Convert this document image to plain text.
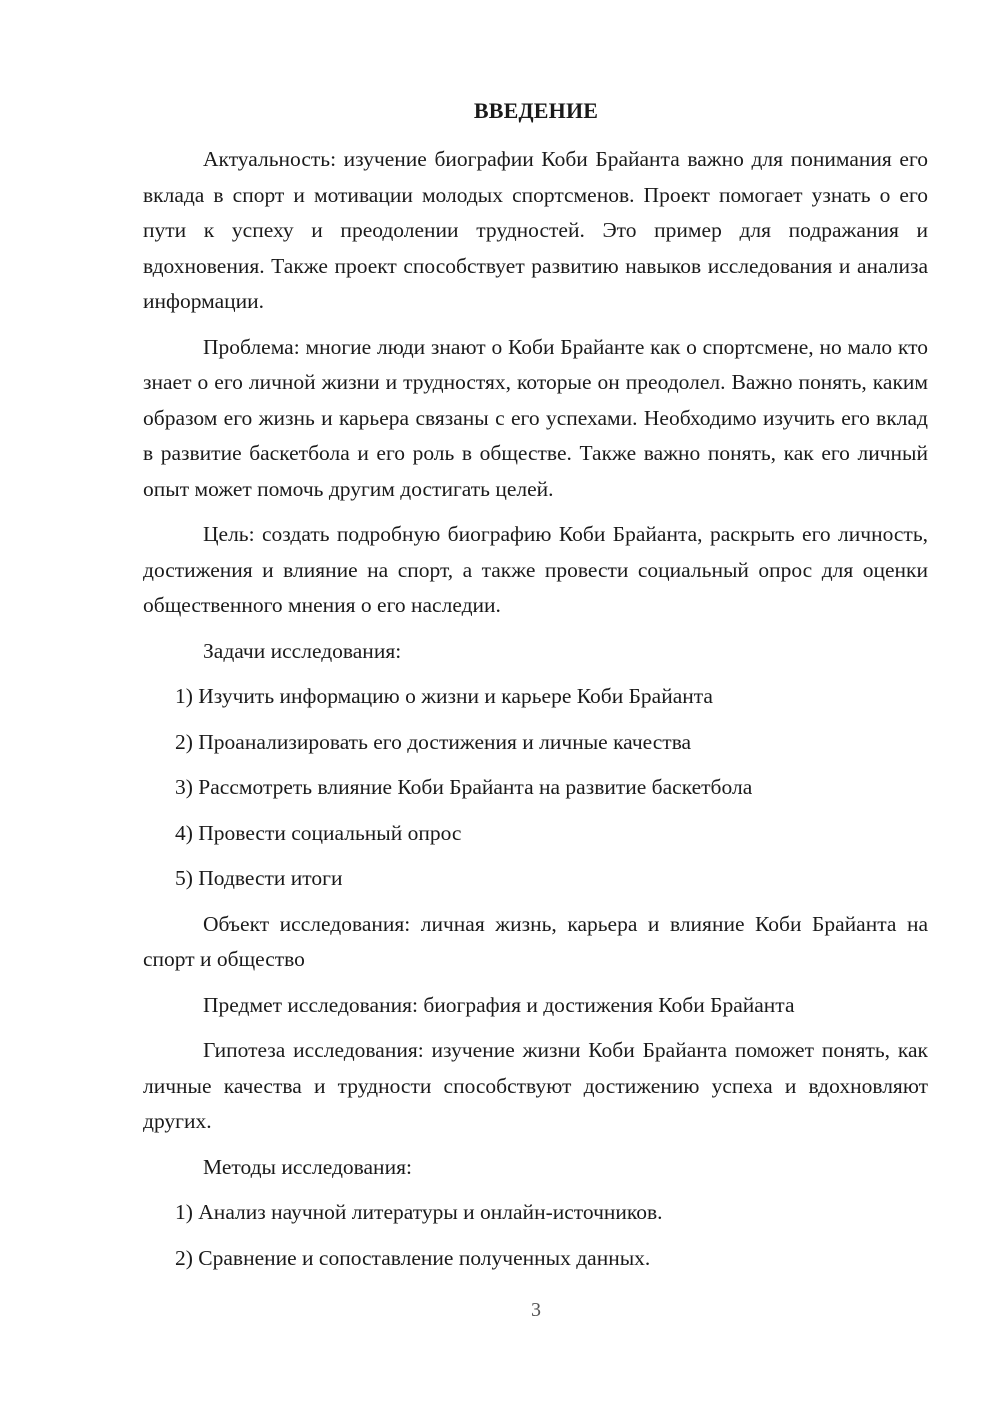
ВВЕДЕНИЕ

Актуальность: изучение биографии Коби Брайанта важно для понимания его вклада в спорт и мотивации молодых спортсменов. Проект помогает узнать о его пути к успеху и преодолении трудностей. Это пример для подражания и вдохновения. Также проект способствует развитию навыков исследования и анализа информации.

Проблема: многие люди знают о Коби Брайанте как о спортсмене, но мало кто знает о его личной жизни и трудностях, которые он преодолел. Важно понять, каким образом его жизнь и карьера связаны с его успехами. Необходимо изучить его вклад в развитие баскетбола и его роль в обществе. Также важно понять, как его личный опыт может помочь другим достигать целей.

Цель: создать подробную биографию Коби Брайанта, раскрыть его личность, достижения и влияние на спорт, а также провести социальный опрос для оценки общественного мнения о его наследии.

Задачи исследования:

1) Изучить информацию о жизни и карьере Коби Брайанта
2) Проанализировать его достижения и личные качества
3) Рассмотреть влияние Коби Брайанта на развитие баскетбола
4) Провести социальный опрос
5) Подвести итоги

Объект исследования: личная жизнь, карьера и влияние Коби Брайанта на спорт и общество

Предмет исследования: биография и достижения Коби Брайанта

Гипотеза исследования: изучение жизни Коби Брайанта поможет понять, как личные качества и трудности способствуют достижению успеха и вдохновляют других.

Методы исследования:

1) Анализ научной литературы и онлайн-источников.
2) Сравнение и сопоставление полученных данных.
3
